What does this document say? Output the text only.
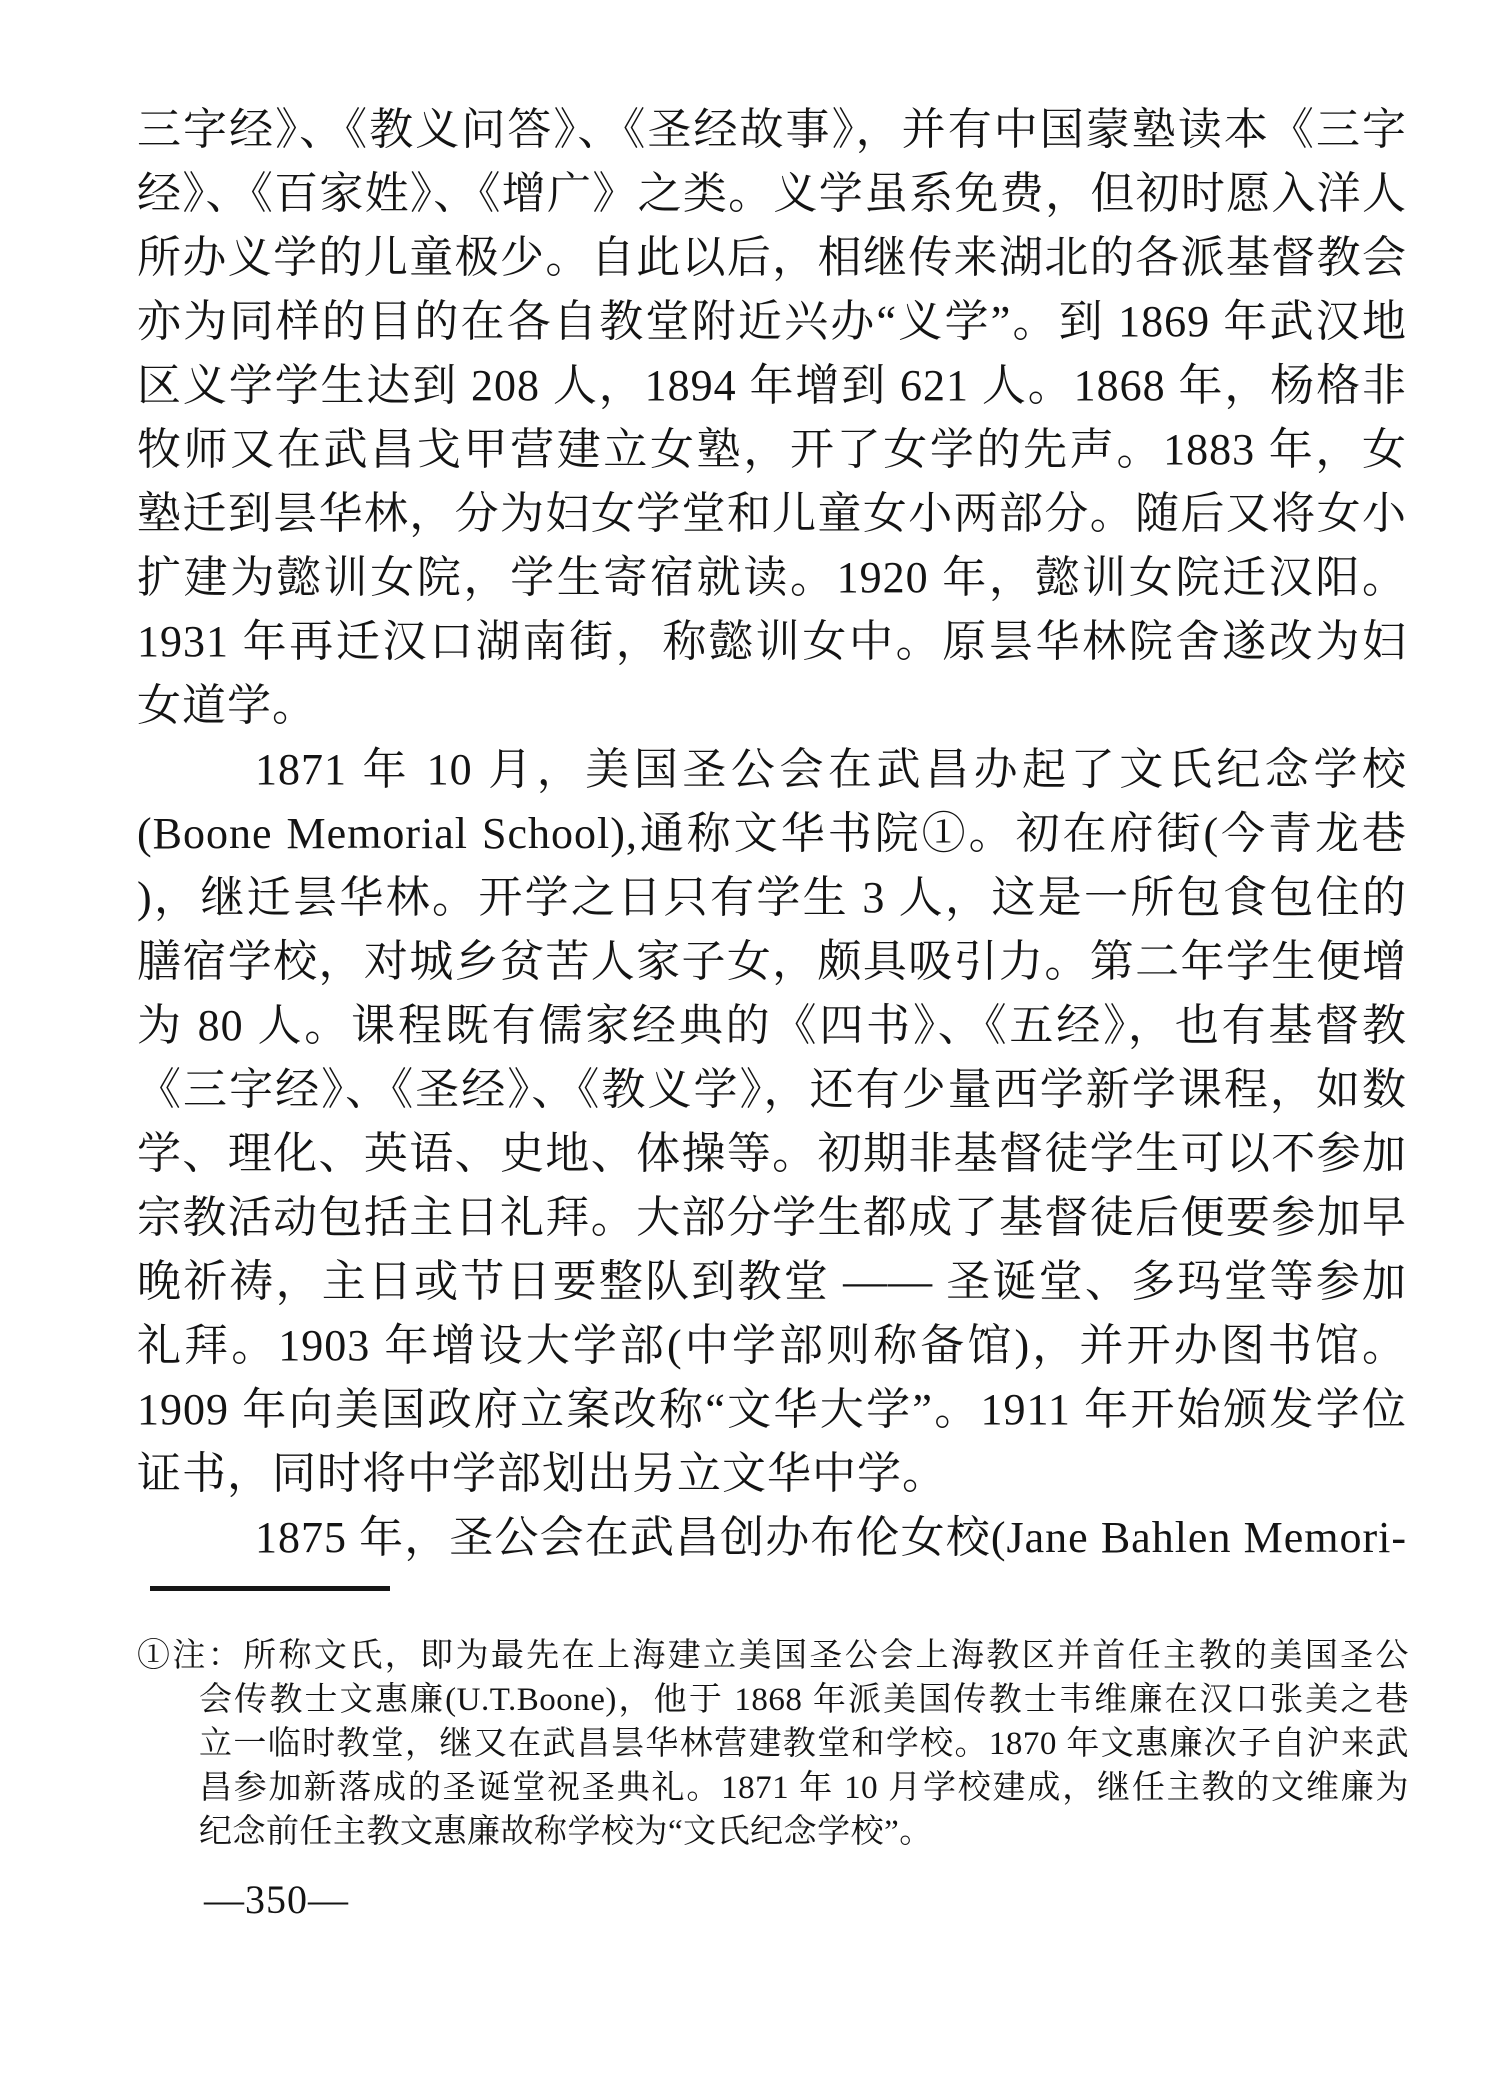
三字经》、《教义问答》、《圣经故事》，并有中国蒙塾读本《三字
经》、《百家姓》、《增广》之类。义学虽系免费，但初时愿入洋人
所办义学的儿童极少。自此以后，相继传来湖北的各派基督教会
亦为同样的目的在各自教堂附近兴办“义学”。到 1869 年武汉地
区义学学生达到 208 人，1894 年增到 621 人。1868 年，杨格非
牧师又在武昌戈甲营建立女塾，开了女学的先声。1883 年，女
塾迁到昙华林，分为妇女学堂和儿童女小两部分。随后又将女小
扩建为懿训女院，学生寄宿就读。1920 年，懿训女院迁汉阳。
1931 年再迁汉口湖南街，称懿训女中。原昙华林院舍遂改为妇
女道学。
1871 年 10 月，美国圣公会在武昌办起了文氏纪念学校
(Boone Memorial School),通称文华书院①。初在府街(今青龙巷
)，继迁昙华林。开学之日只有学生 3 人，这是一所包食包住的
膳宿学校，对城乡贫苦人家子女，颇具吸引力。第二年学生便增
为 80 人。课程既有儒家经典的《四书》、《五经》，也有基督教
《三字经》、《圣经》、《教义学》，还有少量西学新学课程，如数
学、理化、英语、史地、体操等。初期非基督徒学生可以不参加
宗教活动包括主日礼拜。大部分学生都成了基督徒后便要参加早
晚祈祷，主日或节日要整队到教堂 —— 圣诞堂、多玛堂等参加
礼拜。1903 年增设大学部(中学部则称备馆)，并开办图书馆。
1909 年向美国政府立案改称“文华大学”。1911 年开始颁发学位
证书，同时将中学部划出另立文华中学。
1875 年，圣公会在武昌创办布伦女校(Jane Bahlen Memori-
①注：所称文氏，即为最先在上海建立美国圣公会上海教区并首任主教的美国圣公
会传教士文惠廉(U.T.Boone)，他于 1868 年派美国传教士韦维廉在汉口张美之巷
立一临时教堂，继又在武昌昙华林营建教堂和学校。1870 年文惠廉次子自沪来武
昌参加新落成的圣诞堂祝圣典礼。1871 年 10 月学校建成，继任主教的文维廉为
纪念前任主教文惠廉故称学校为“文氏纪念学校”。
—350—
